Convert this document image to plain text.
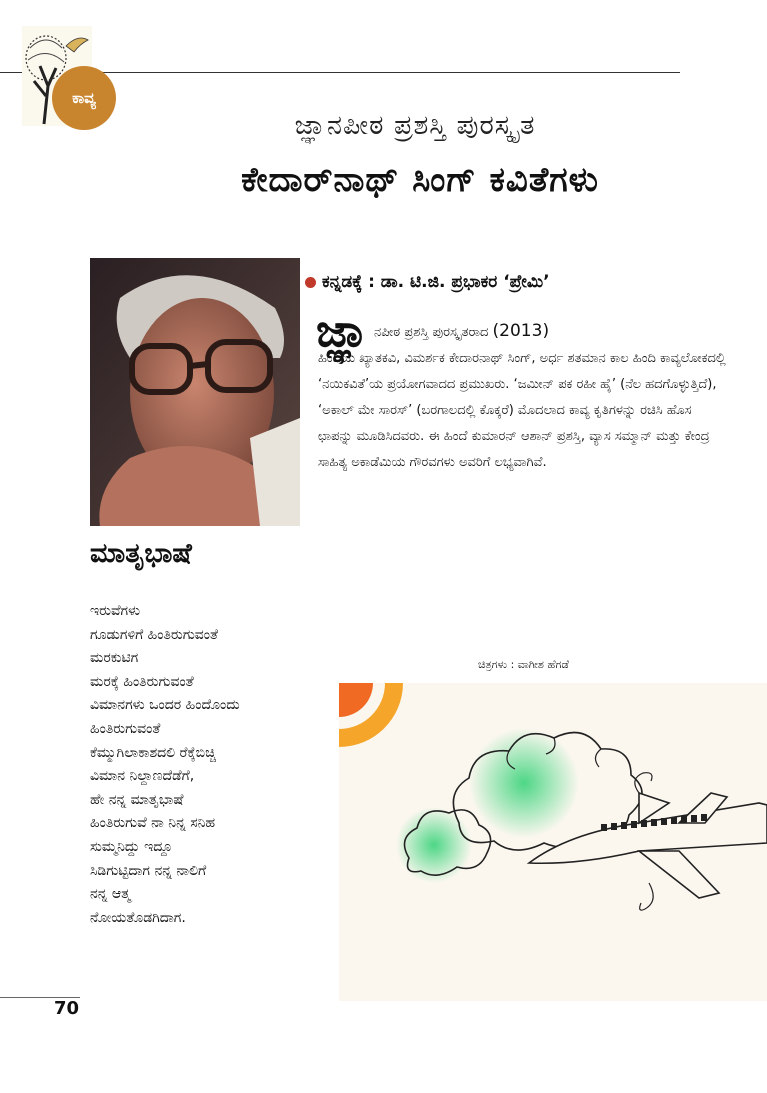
ಕಾವ್ಯ
ಜ್ಞಾನಪೀಠ ಪ್ರಶಸ್ತಿ ಪುರಸ್ಕೃತ
ಕೇದಾರ್‌ನಾಥ್ ಸಿಂಗ್ ಕವಿತೆಗಳು
ಕನ್ನಡಕ್ಕೆ : ಡಾ. ಟಿ.ಜಿ. ಪ್ರಭಾಕರ ‘ಪ್ರೇಮಿ’
ಜ್ಞಾ ನಪೀಠ ಪ್ರಶಸ್ತಿ ಪುರಸ್ಕೃತರಾದ (2013)
ಹಿಂದಿಯ ಖ್ಯಾತಕವಿ, ವಿಮರ್ಶಕ ಕೇದಾರನಾಥ್ ಸಿಂಗ್, ಅರ್ಧ ಶತಮಾನ ಕಾಲ ಹಿಂದಿ ಕಾವ್ಯಲೋಕದಲ್ಲಿ ‘ನಯಿಕವಿತೆ’ಯ ಪ್ರಯೋಗವಾದದ ಪ್ರಮುಖರು. ‘ಜಮೀನ್ ಪಕ ರಹೀ ಹೈ’ (ನೆಲ ಹದಗೊಳ್ಳುತ್ತಿದೆ), ‘ಅಕಾಲ್ ಮೇ ಸಾರಸ್’ (ಬರಗಾಲದಲ್ಲಿ ಕೊಕ್ಕರೆ) ಮೊದಲಾದ ಕಾವ್ಯ ಕೃತಿಗಳನ್ನು ರಚಿಸಿ ಹೊಸ ಛಾಪನ್ನು ಮೂಡಿಸಿದವರು. ಈ ಹಿಂದೆ ಕುಮಾರನ್ ಆಶಾನ್ ಪ್ರಶಸ್ತಿ, ವ್ಯಾಸ ಸಮ್ಮಾನ್ ಮತ್ತು ಕೇಂದ್ರ ಸಾಹಿತ್ಯ ಅಕಾಡೆಮಿಯ ಗೌರವಗಳು ಅವರಿಗೆ ಲಭ್ಯವಾಗಿವೆ.
ಮಾತೃಭಾಷೆ
ಇರುವೆಗಳು
ಗೂಡುಗಳಿಗೆ ಹಿಂತಿರುಗುವಂತೆ
ಮರಕುಟಿಗ
ಮರಕ್ಕೆ ಹಿಂತಿರುಗುವಂತೆ
ವಿಮಾನಗಳು ಒಂದರ ಹಿಂದೊಂದು
ಹಿಂತಿರುಗುವಂತೆ
ಕೆಮ್ಮುಗಿಲಾಕಾಶದಲಿ ರೆಕ್ಕೆಬಿಚ್ಚಿ
ವಿಮಾನ ನಿಲ್ದಾಣದೆಡೆಗೆ,
ಹೇ ನನ್ನ ಮಾತೃಭಾಷೆ
ಹಿಂತಿರುಗುವೆ ನಾ ನಿನ್ನ ಸನಿಹ
ಸುಮ್ಮನಿದ್ದು ಇದ್ದೂ
ಸಿಡಿಗುಟ್ಟಿದಾಗ ನನ್ನ ನಾಲಿಗೆ
ನನ್ನ ಆತ್ಮ
ನೋಯತೊಡಗಿದಾಗ.
ಚಿತ್ರಗಳು : ವಾಗೀಶ ಹೆಗಡೆ
70
